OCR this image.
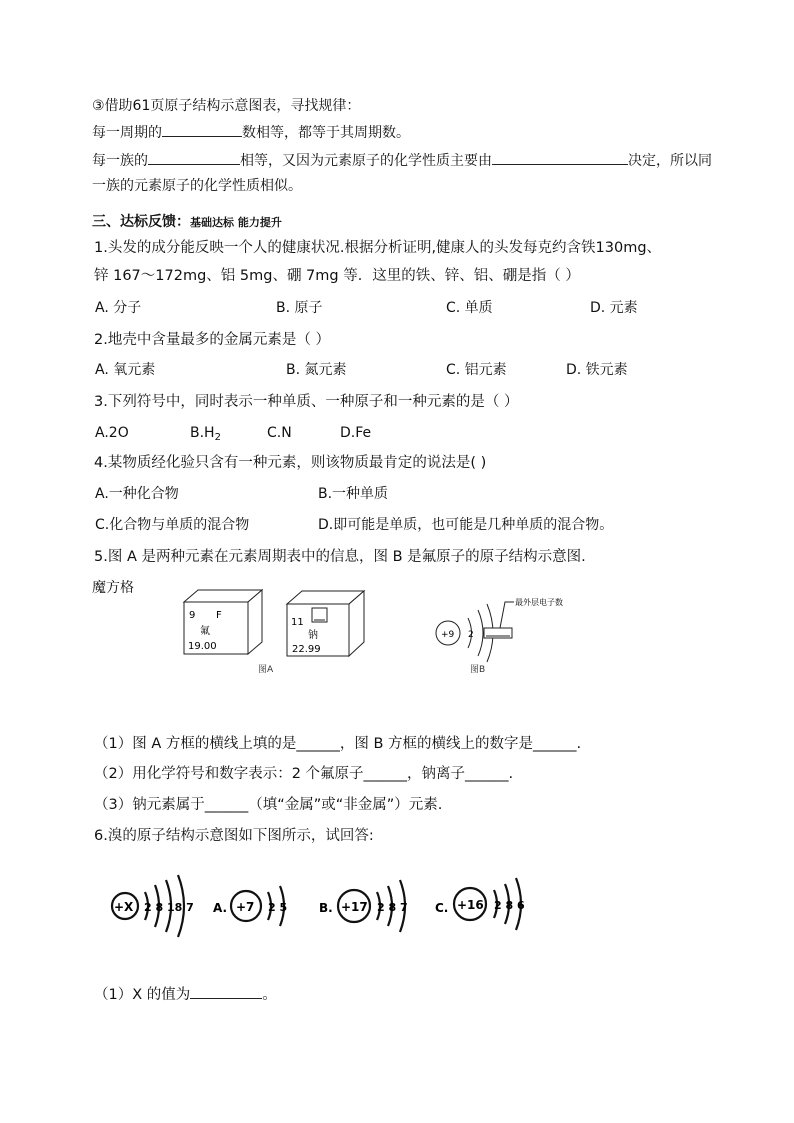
③借助61页原子结构示意图表，寻找规律：
每一周期的	数相等，都等于其周期数。
每一族的	相等，又因为元素原子的化学性质主要由	决定，所以同
一族的元素原子的化学性质相似。
三、达标反馈：基础达标 能力提升
1.头发的成分能反映一个人的健康状况.根据分析证明,健康人的头发每克约含铁130mg、
锌 167～172mg、铝 5mg、硼 7mg 等．这里的铁、锌、铝、硼是指（ ）
A. 分子	B. 原子	C. 单质	D. 元素
2.地壳中含量最多的金属元素是（ ）
A. 氧元素	B. 氮元素	C. 铝元素	D. 铁元素
3.下列符号中，同时表示一种单质、一种原子和一种元素的是（ ）
A.2O	$B.H_2$	C.N	D.Fe
4.某物质经化验只含有一种元素，则该物质最肯定的说法是( )
A.一种化合物	B.一种单质
C.化合物与单质的混合物	D.即可能是单质，也可能是几种单质的混合物。
5.图 A 是两种元素在元素周期表中的信息，图 B 是氟原子的原子结构示意图.
魔方格
9 F
氟
19.00
11
钠
22.99
图A
+9 2
最外层电子数
图B
（1）图 A 方框的横线上填的是______，图 B 方框的横线上的数字是______.
（2）用化学符号和数字表示：2 个氟原子______，钠离子______.
（3）钠元素属于______（填“金属”或“非金属”）元素.
6.溴的原子结构示意图如下图所示，试回答:
+X 2 8 18 7 A. +7 2 5	B. +17 2 8 7 C. +16 2 8 6
（1）X 的值为	。
